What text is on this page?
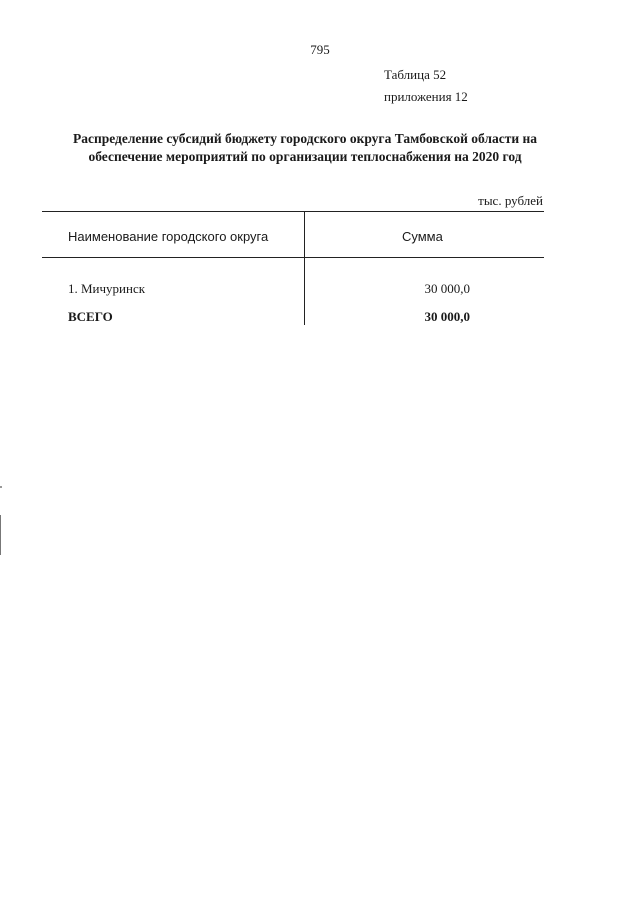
795
Таблица 52
приложения 12
Распределение субсидий бюджету городского округа Тамбовской области на
обеспечение мероприятий по организации теплоснабжения на 2020 год
тыс. рублей
Наименование городского округа	Сумма
1. Мичуринск	30 000,0
ВСЕГО	30 000,0
